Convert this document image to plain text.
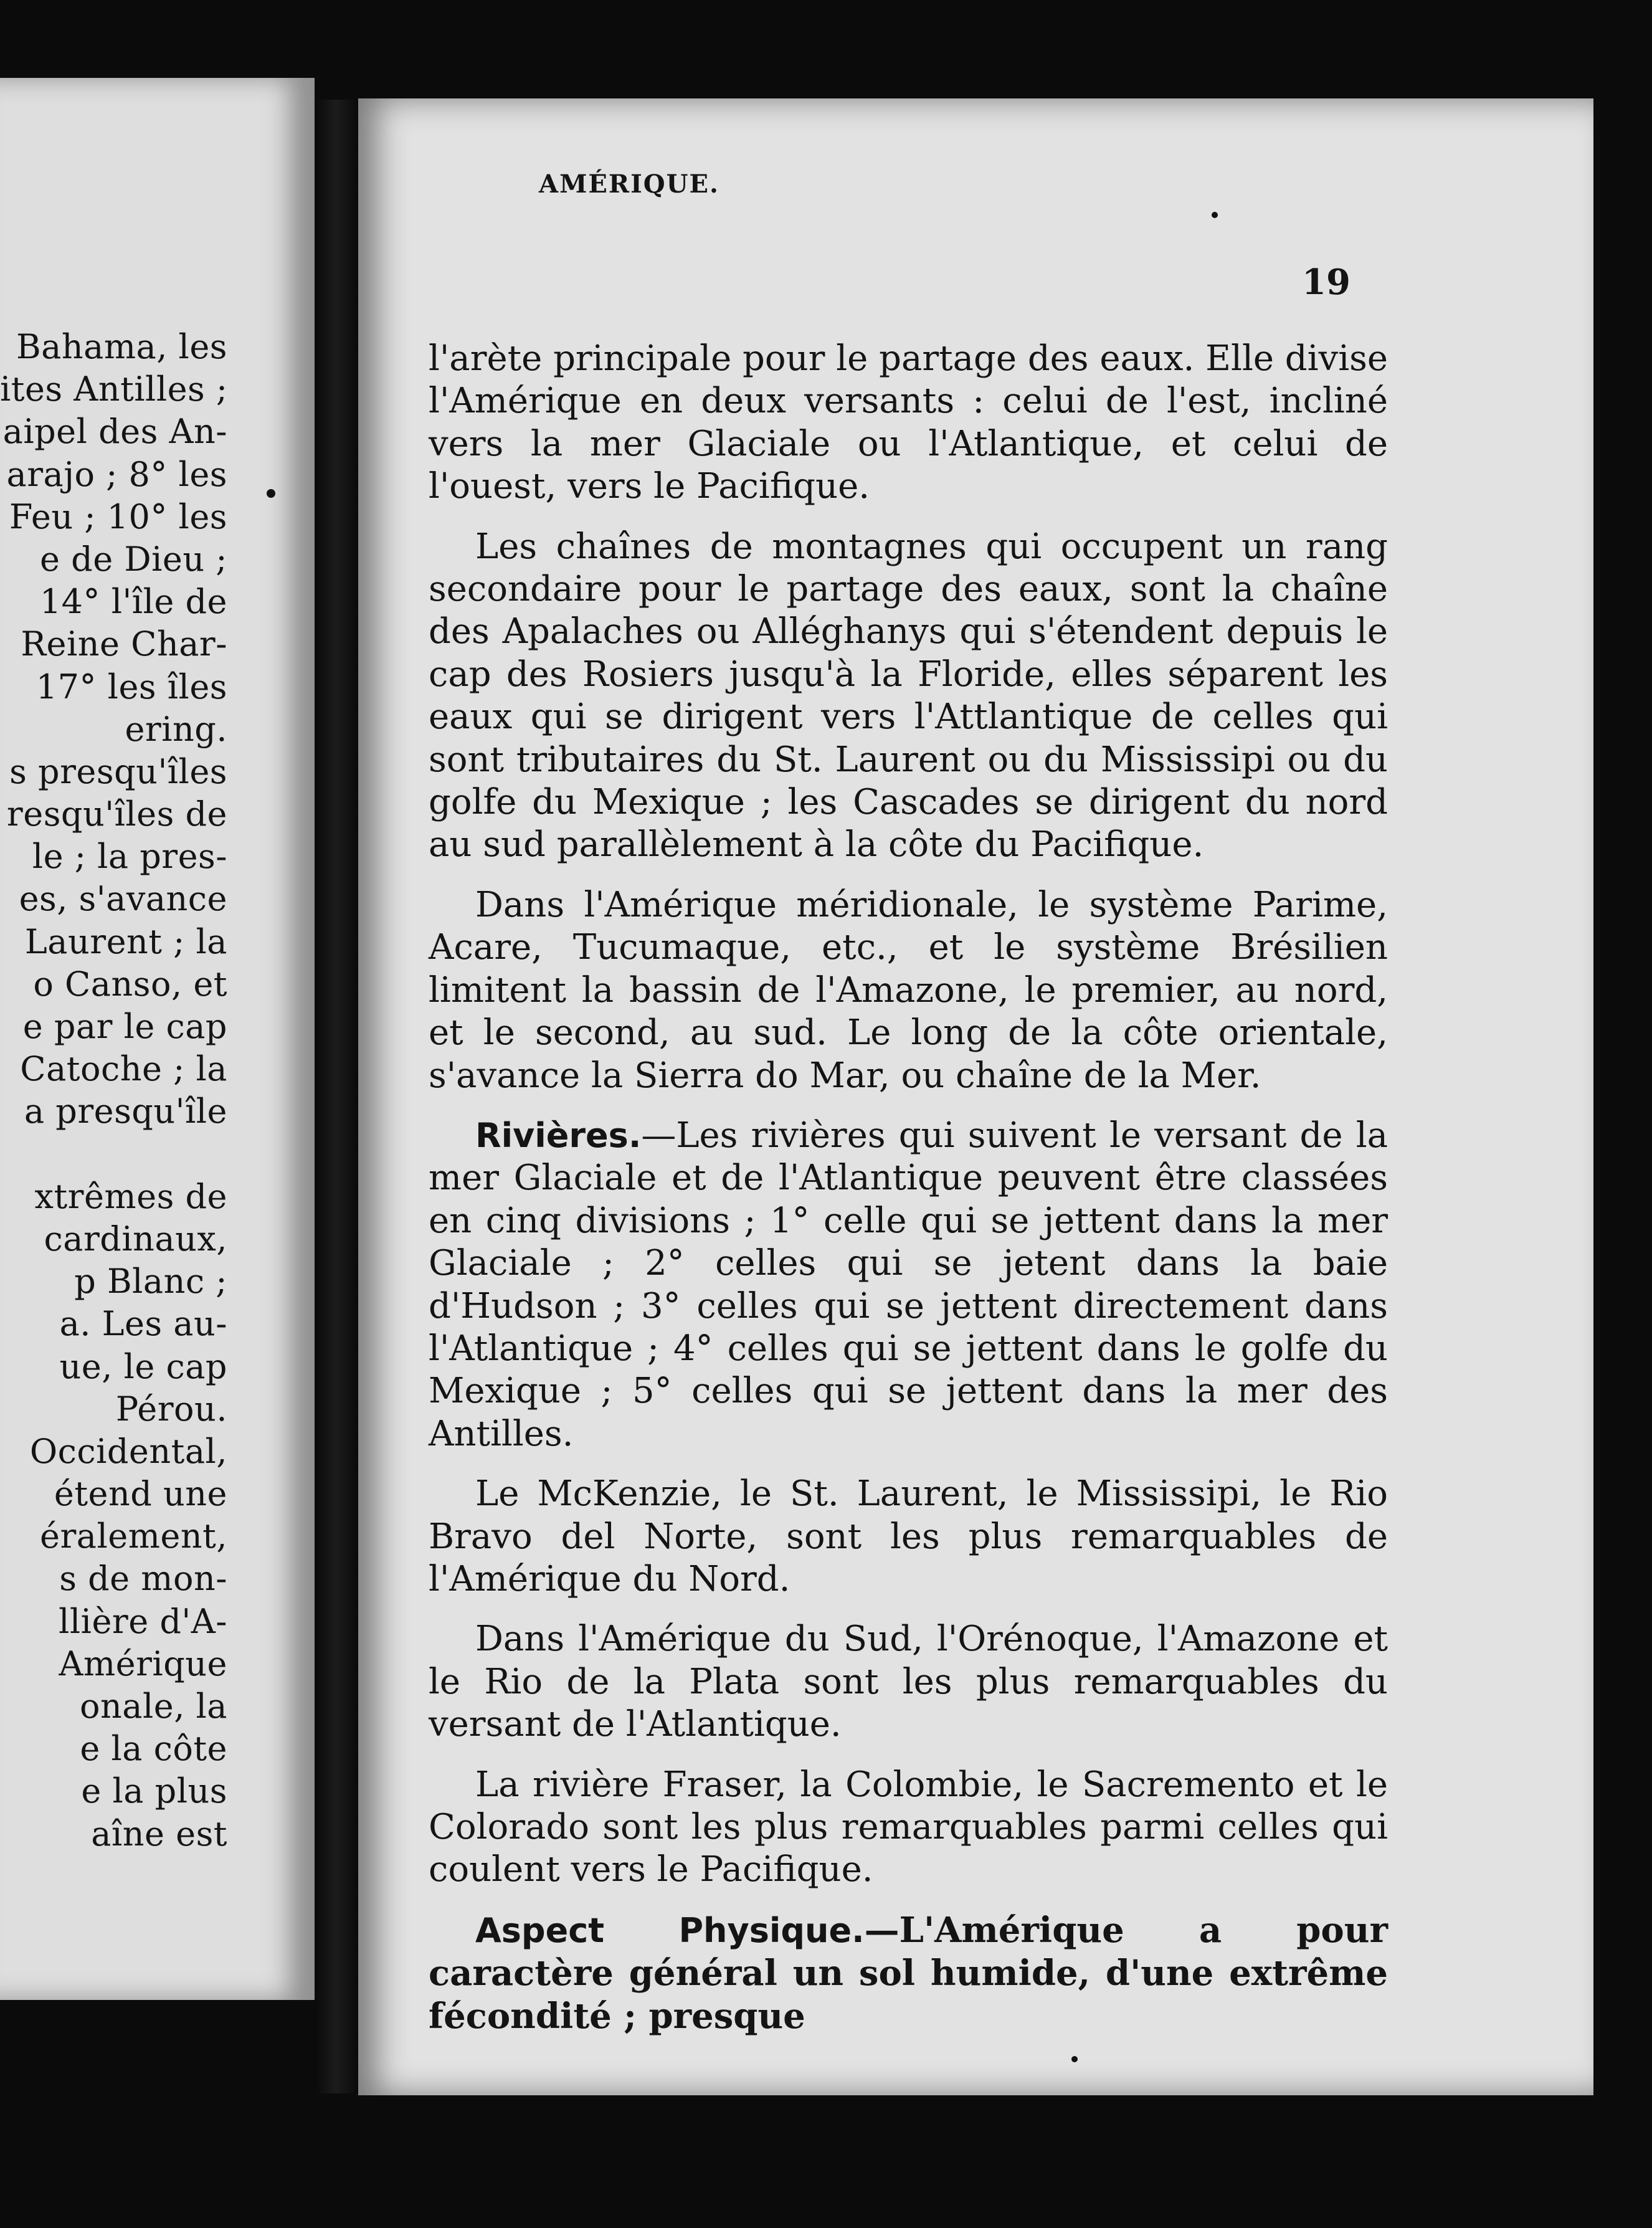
Bahama, les
ites Antilles ;
aipel des An-
arajo ; 8° les
Feu ; 10° les
e de Dieu ;
14° l'île de
Reine Char-
17° les îles
ering.
s presqu'îles
resqu'îles de
le ; la pres-
es, s'avance
Laurent ; la
o Canso, et
e par le cap
Catoche ; la
a presqu'île
xtrêmes de
cardinaux,
p Blanc ;
a. Les au-
ue, le cap
Pérou.
Occidental,
étend une
éralement,
s de mon-
llière d'A-
Amérique
onale, la
e la côte
e la plus
aîne est
AMÉRIQUE.
19

l'arète principale pour le partage des eaux. Elle divise l'Amérique en deux versants : celui de l'est, incliné vers la mer Glaciale ou l'Atlantique, et celui de l'ouest, vers le Pacifique.

Les chaînes de montagnes qui occupent un rang secondaire pour le partage des eaux, sont la chaîne des Apalaches ou Alléghanys qui s'étendent depuis le cap des Rosiers jusqu'à la Floride, elles séparent les eaux qui se dirigent vers l'Attlantique de celles qui sont tributaires du St. Laurent ou du Mississipi ou du golfe du Mexique ; les Cascades se dirigent du nord au sud parallèlement à la côte du Pacifique.

Dans l'Amérique méridionale, le système Parime, Acare, Tucumaque, etc., et le système Brésilien limitent la bassin de l'Amazone, le premier, au nord, et le second, au sud. Le long de la côte orientale, s'avance la Sierra do Mar, ou chaîne de la Mer.

Rivières.—Les rivières qui suivent le versant de la mer Glaciale et de l'Atlantique peuvent être classées en cinq divisions ; 1° celle qui se jettent dans la mer Glaciale ; 2° celles qui se jetent dans la baie d'Hudson ; 3° celles qui se jettent directement dans l'Atlantique ; 4° celles qui se jettent dans le golfe du Mexique ; 5° celles qui se jettent dans la mer des Antilles.

Le McKenzie, le St. Laurent, le Mississipi, le Rio Bravo del Norte, sont les plus remarquables de l'Amérique du Nord.

Dans l'Amérique du Sud, l'Orénoque, l'Amazone et le Rio de la Plata sont les plus remarquables du versant de l'Atlantique.

La rivière Fraser, la Colombie, le Sacremento et le Colorado sont les plus remarquables parmi celles qui coulent vers le Pacifique.

Aspect Physique.—L'Amérique a pour caractère général un sol humide, d'une extrême fécondité ; presque
